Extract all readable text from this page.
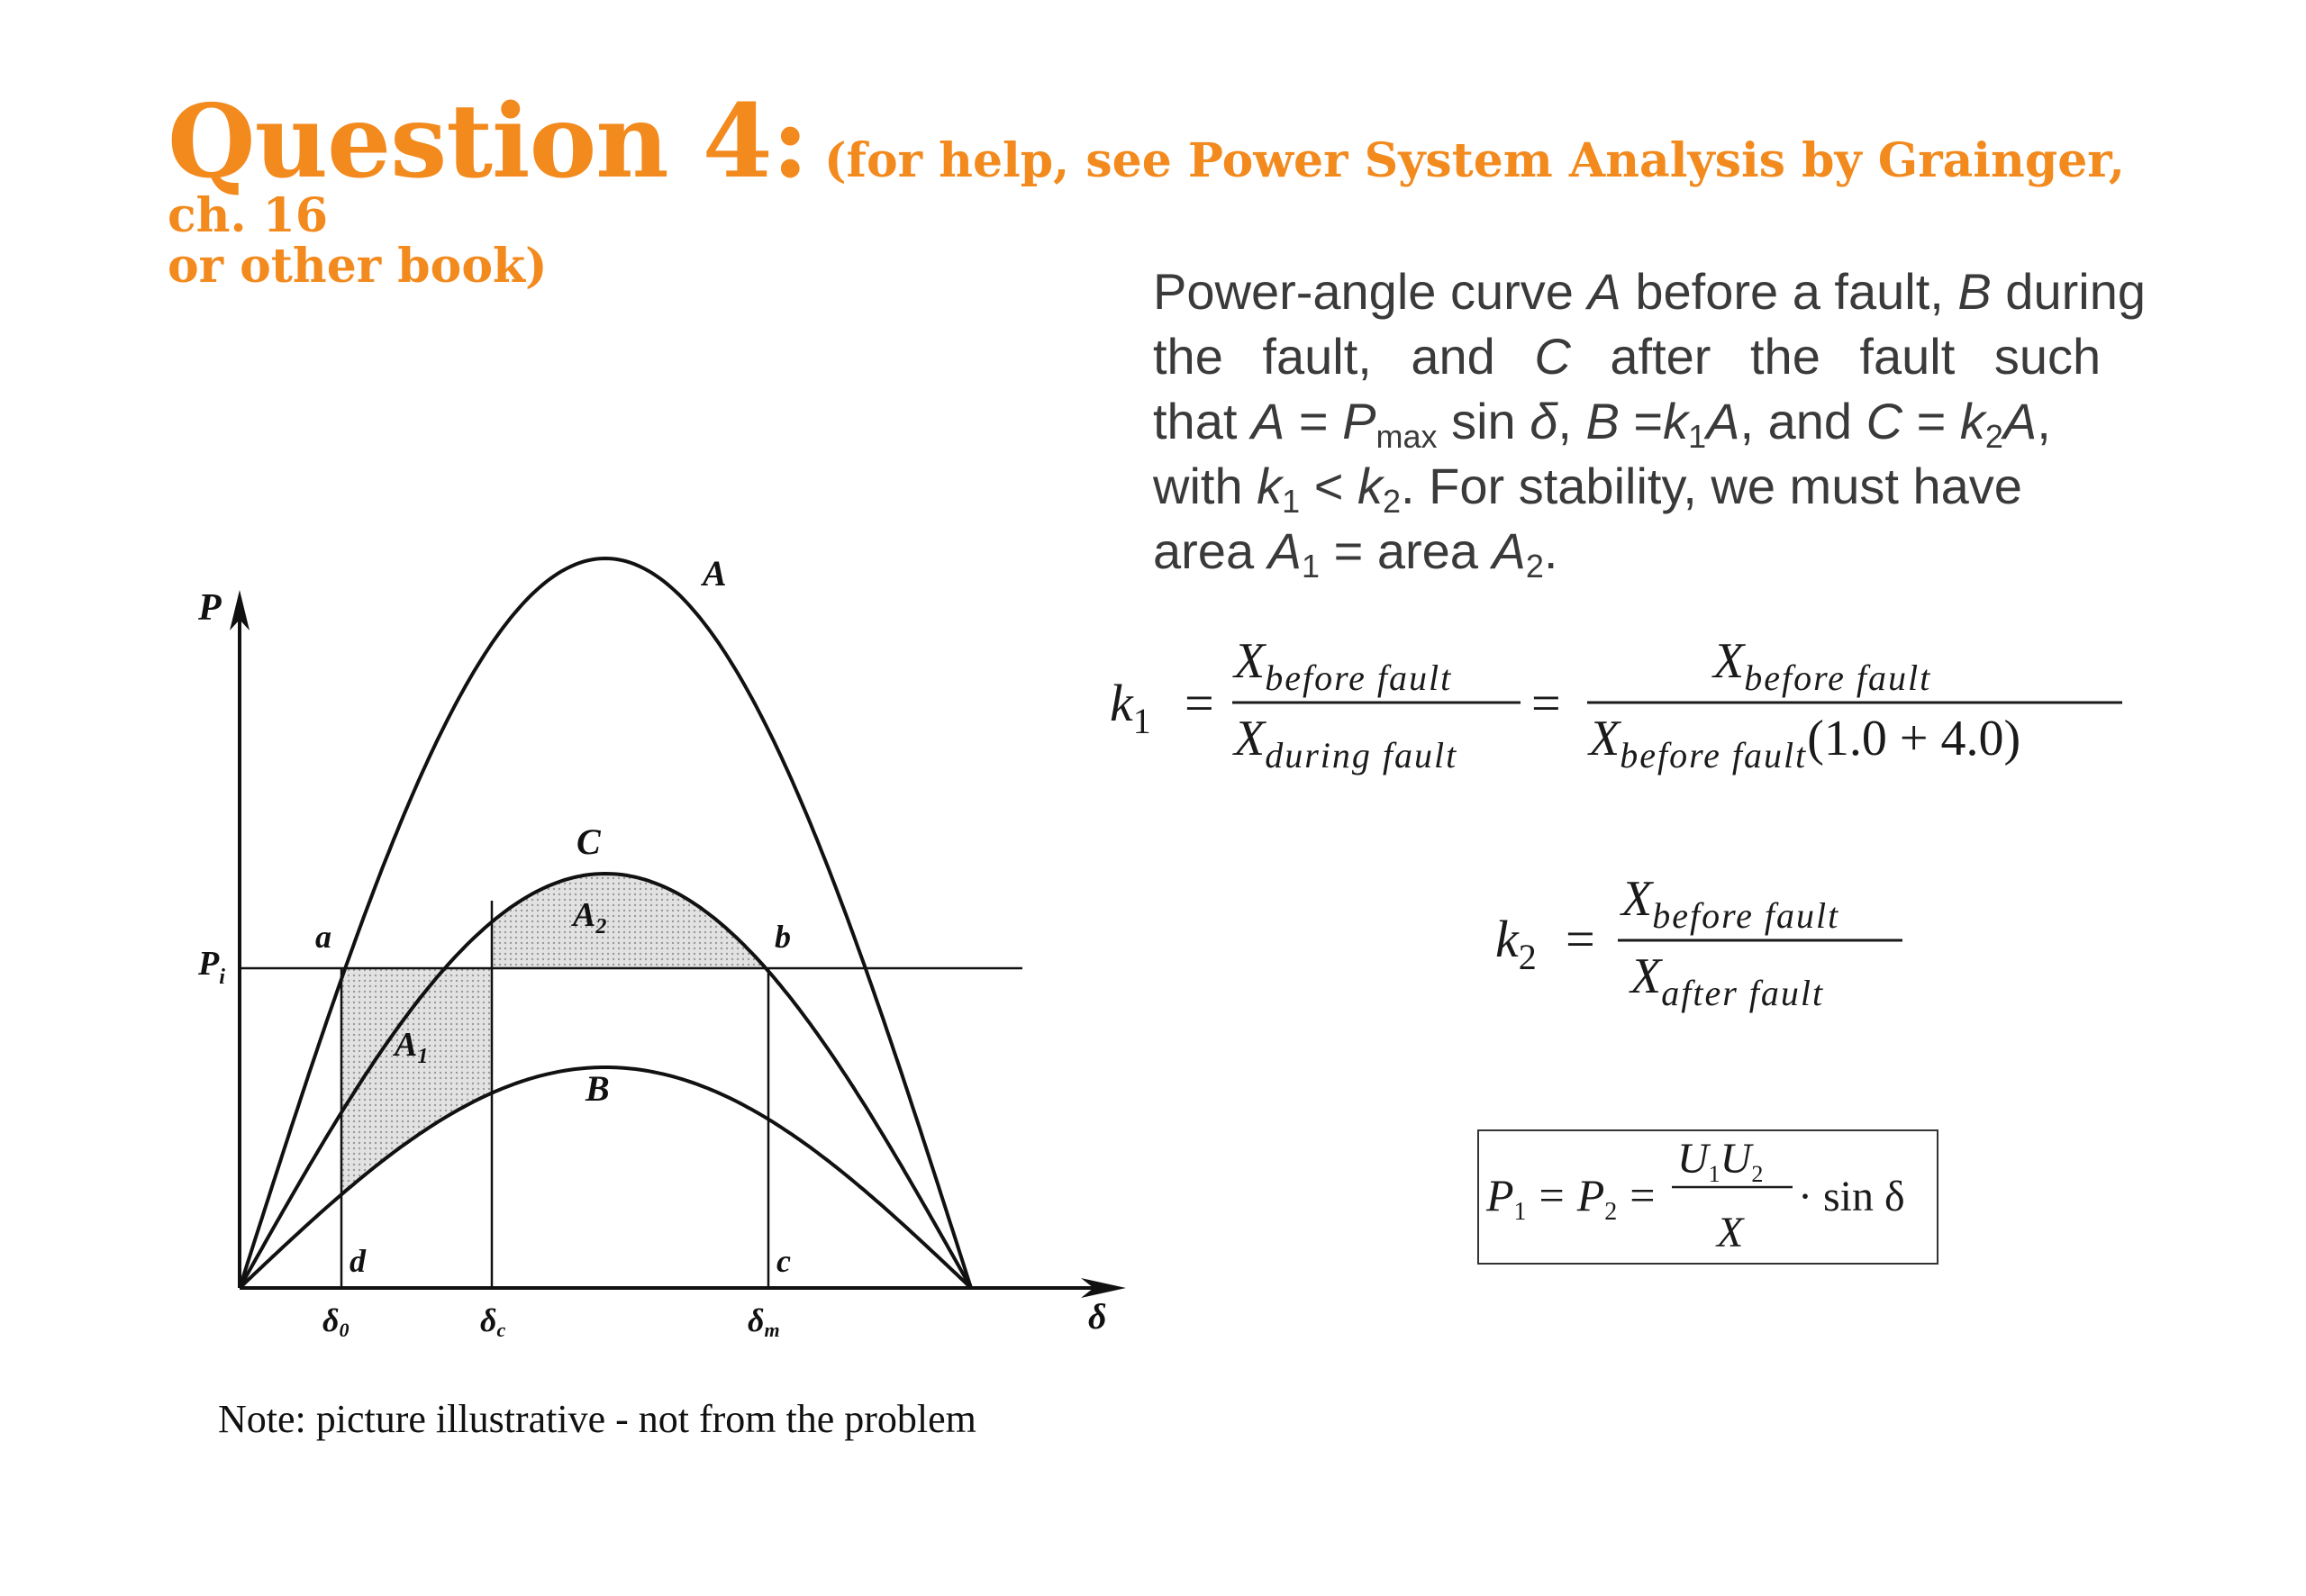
Question 4: (for help, see Power System Analysis by Grainger, ch. 16
or other book)	Power-angle curve A before a fault, B during
the fault, and C after the fault such
that $A = P_{max}$ sin δ, $B =k_1A$, and $C = k_2A$,
with $k_1 < k_2$. For stability, we must have
area $A_1$ = area $A_2$.
P
$P_i$
A
C
B
$A_2$
$A_1$
a	b
c
d
δ
δ0	δc	δm
$k_1$ =
$X_{before fault}$
$X_{during fault}$
=
$X_{before fault}$
$X_{before fault}(1.0 + 4.0)$
$k_2$ =
$X_{before fault}$
$X_{after fault}$
$P_1 = P_2$ =
$U_1U_2$
X
· sin δ
Note: picture illustrative - not from the problem
